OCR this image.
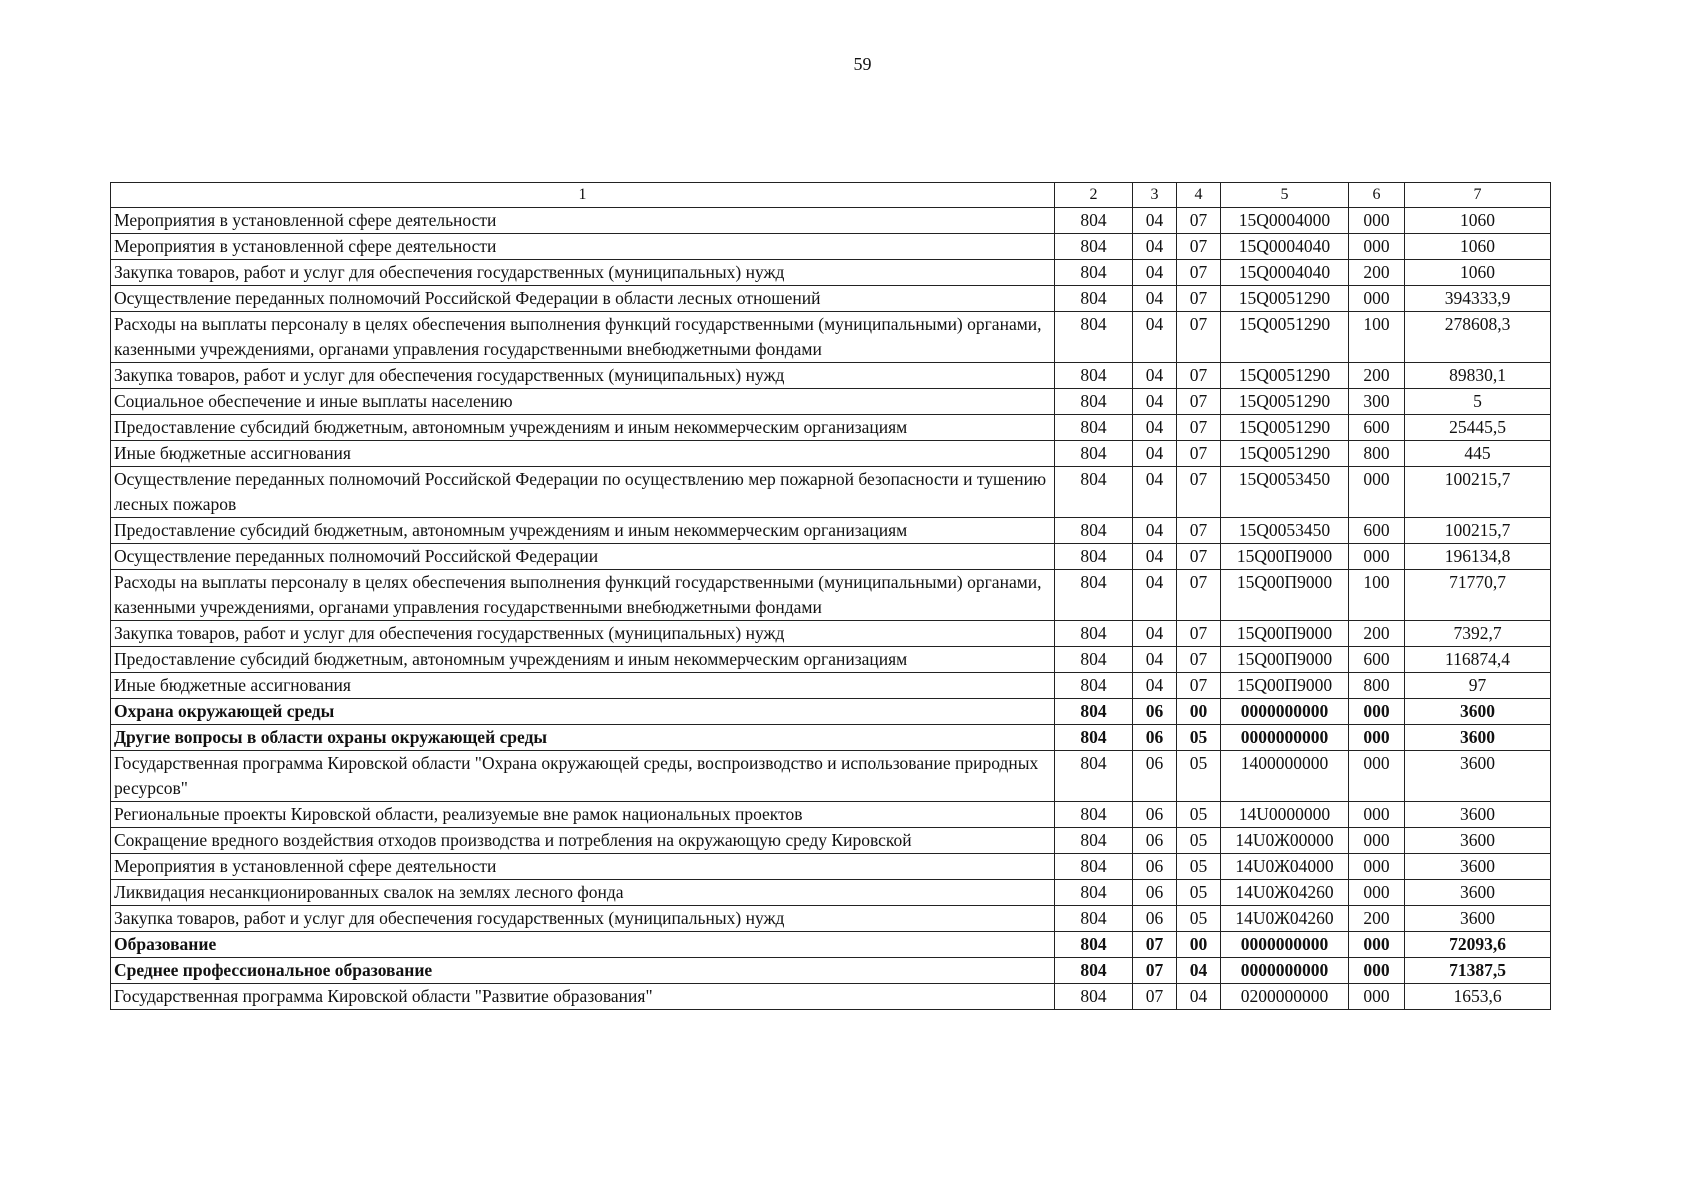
59
1	2	3	4	5	6	7
Мероприятия в установленной сфере деятельности	804	04	07	15Q0004000	000	1060
Мероприятия в установленной сфере деятельности	804	04	07	15Q0004040	000	1060
Закупка товаров, работ и услуг для обеспечения государственных (муниципальных) нужд	804	04	07	15Q0004040	200	1060
Осуществление переданных полномочий Российской Федерации в области лесных отношений	804	04	07	15Q0051290	000	394333,9
Расходы на выплаты персоналу в целях обеспечения выполнения функций государственными (муниципальными) органами, казенными учреждениями, органами управления государственными внебюджетными фондами	804	04	07	15Q0051290	100	278608,3
Закупка товаров, работ и услуг для обеспечения государственных (муниципальных) нужд	804	04	07	15Q0051290	200	89830,1
Социальное обеспечение и иные выплаты населению	804	04	07	15Q0051290	300	5
Предоставление субсидий бюджетным, автономным учреждениям и иным некоммерческим организациям	804	04	07	15Q0051290	600	25445,5
Иные бюджетные ассигнования	804	04	07	15Q0051290	800	445
Осуществление переданных полномочий Российской Федерации по осуществлению мер пожарной безопасности и тушению лесных пожаров	804	04	07	15Q0053450	000	100215,7
Предоставление субсидий бюджетным, автономным учреждениям и иным некоммерческим организациям	804	04	07	15Q0053450	600	100215,7
Осуществление переданных полномочий Российской Федерации	804	04	07	15Q00П9000	000	196134,8
Расходы на выплаты персоналу в целях обеспечения выполнения функций государственными (муниципальными) органами, казенными учреждениями, органами управления государственными внебюджетными фондами	804	04	07	15Q00П9000	100	71770,7
Закупка товаров, работ и услуг для обеспечения государственных (муниципальных) нужд	804	04	07	15Q00П9000	200	7392,7
Предоставление субсидий бюджетным, автономным учреждениям и иным некоммерческим организациям	804	04	07	15Q00П9000	600	116874,4
Иные бюджетные ассигнования	804	04	07	15Q00П9000	800	97
Охрана окружающей среды	804	06	00	0000000000	000	3600
Другие вопросы в области охраны окружающей среды	804	06	05	0000000000	000	3600
Государственная программа Кировской области "Охрана окружающей среды, воспроизводство и использование природных ресурсов"	804	06	05	1400000000	000	3600
Региональные проекты Кировской области, реализуемые вне рамок национальных проектов	804	06	05	14U0000000	000	3600
Сокращение вредного воздействия отходов производства и потребления на окружающую среду Кировской	804	06	05	14U0Ж00000	000	3600
Мероприятия в установленной сфере деятельности	804	06	05	14U0Ж04000	000	3600
Ликвидация несанкционированных свалок на землях лесного фонда	804	06	05	14U0Ж04260	000	3600
Закупка товаров, работ и услуг для обеспечения государственных (муниципальных) нужд	804	06	05	14U0Ж04260	200	3600
Образование	804	07	00	0000000000	000	72093,6
Среднее профессиональное образование	804	07	04	0000000000	000	71387,5
Государственная программа Кировской области "Развитие образования"	804	07	04	0200000000	000	1653,6
